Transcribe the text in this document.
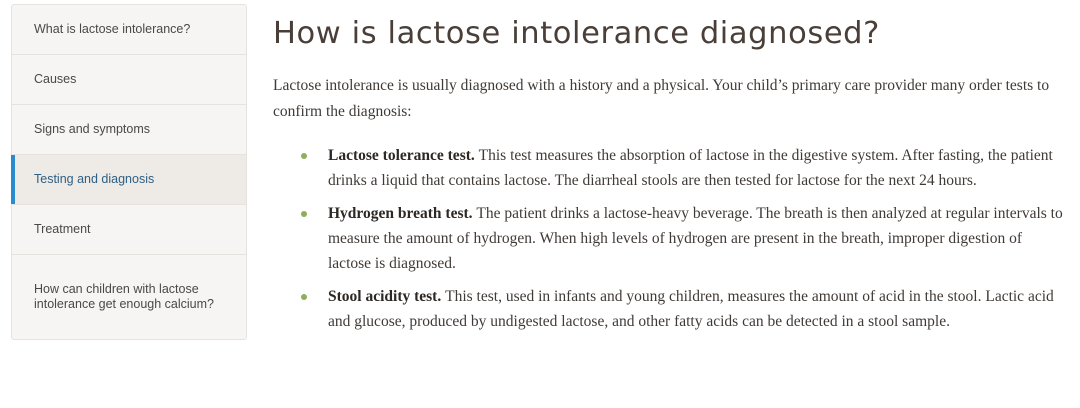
What is lactose intolerance?
Causes
Signs and symptoms
Testing and diagnosis
Treatment
How can children with lactose intolerance get enough calcium?
How is lactose intolerance diagnosed?

Lactose intolerance is usually diagnosed with a history and a physical. Your child’s primary care provider many order tests to confirm the diagnosis:

Lactose tolerance test. This test measures the absorption of lactose in the digestive system. After fasting, the patient drinks a liquid that contains lactose. The diarrheal stools are then tested for lactose for the next 24 hours.
Hydrogen breath test. The patient drinks a lactose-heavy beverage. The breath is then analyzed at regular intervals to measure the amount of hydrogen. When high levels of hydrogen are present in the breath, improper digestion of lactose is diagnosed.
Stool acidity test. This test, used in infants and young children, measures the amount of acid in the stool. Lactic acid and glucose, produced by undigested lactose, and other fatty acids can be detected in a stool sample.
